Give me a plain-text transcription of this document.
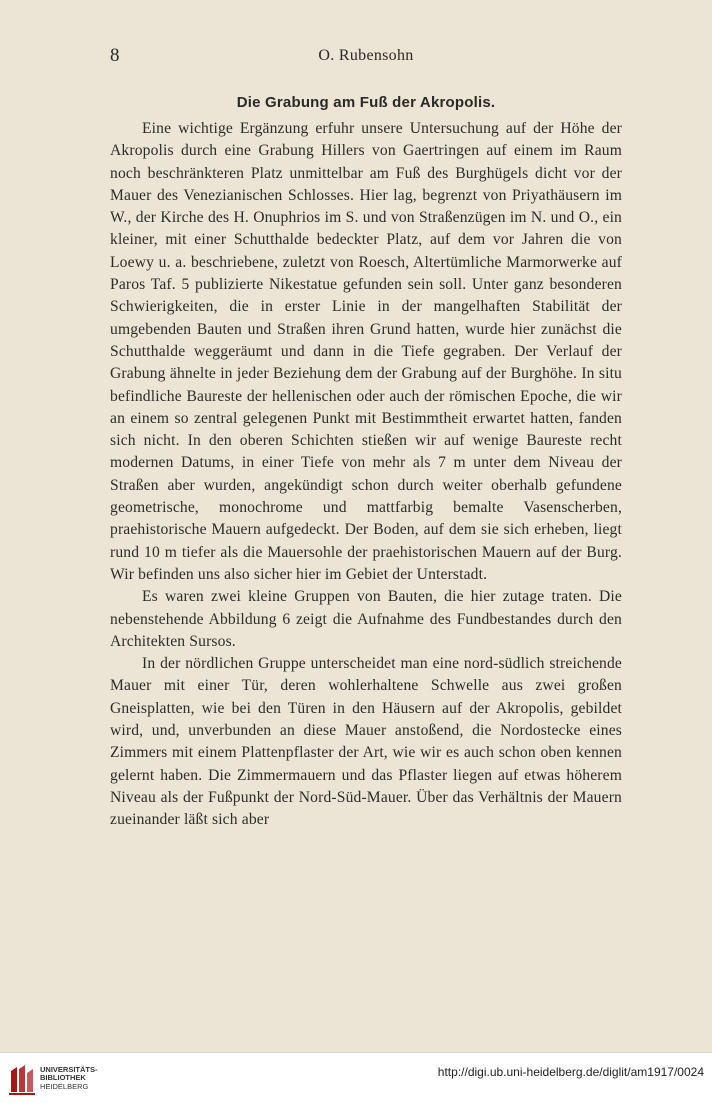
8	O. Rubensohn
Die Grabung am Fuß der Akropolis.

Eine wichtige Ergänzung erfuhr unsere Untersuchung auf der Höhe der Akropolis durch eine Grabung Hillers von Gaertringen auf einem im Raum noch beschränkteren Platz unmittelbar am Fuß des Burghügels dicht vor der Mauer des Venezianischen Schlosses. Hier lag, begrenzt von Priyathäusern im W., der Kirche des H. Onuphrios im S. und von Straßenzügen im N. und O., ein kleiner, mit einer Schutthalde bedeckter Platz, auf dem vor Jahren die von Loewy u. a. beschriebene, zuletzt von Roesch, Altertümliche Marmorwerke auf Paros Taf. 5 publizierte Nikestatue gefunden sein soll. Unter ganz besonderen Schwierigkeiten, die in erster Linie in der mangelhaften Stabilität der umgebenden Bauten und Straßen ihren Grund hatten, wurde hier zunächst die Schutthalde weggeräumt und dann in die Tiefe gegraben. Der Verlauf der Grabung ähnelte in jeder Beziehung dem der Grabung auf der Burghöhe. In situ befindliche Baureste der hellenischen oder auch der römischen Epoche, die wir an einem so zentral gelegenen Punkt mit Bestimmtheit erwartet hatten, fanden sich nicht. In den oberen Schichten stießen wir auf wenige Baureste recht modernen Datums, in einer Tiefe von mehr als 7 m unter dem Niveau der Straßen aber wurden, angekündigt schon durch weiter oberhalb gefundene geometrische, monochrome und mattfarbig bemalte Vasenscherben, praehistorische Mauern aufgedeckt. Der Boden, auf dem sie sich erheben, liegt rund 10 m tiefer als die Mauersohle der praehistorischen Mauern auf der Burg. Wir befinden uns also sicher hier im Gebiet der Unterstadt.

Es waren zwei kleine Gruppen von Bauten, die hier zutage traten. Die nebenstehende Abbildung 6 zeigt die Aufnahme des Fundbestandes durch den Architekten Sursos.

In der nördlichen Gruppe unterscheidet man eine nord-südlich streichende Mauer mit einer Tür, deren wohlerhaltene Schwelle aus zwei großen Gneisplatten, wie bei den Türen in den Häusern auf der Akropolis, gebildet wird, und, unverbunden an diese Mauer anstoßend, die Nordostecke eines Zimmers mit einem Plattenpflaster der Art, wie wir es auch schon oben kennen gelernt haben. Die Zimmermauern und das Pflaster liegen auf etwas höherem Niveau als der Fußpunkt der Nord-Süd-Mauer. Über das Verhältnis der Mauern zueinander läßt sich aber

UNIVERSITÄTS-
BIBLIOTHEK
HEIDELBERG
http://digi.ub.uni-heidelberg.de/diglit/am1917/0024
